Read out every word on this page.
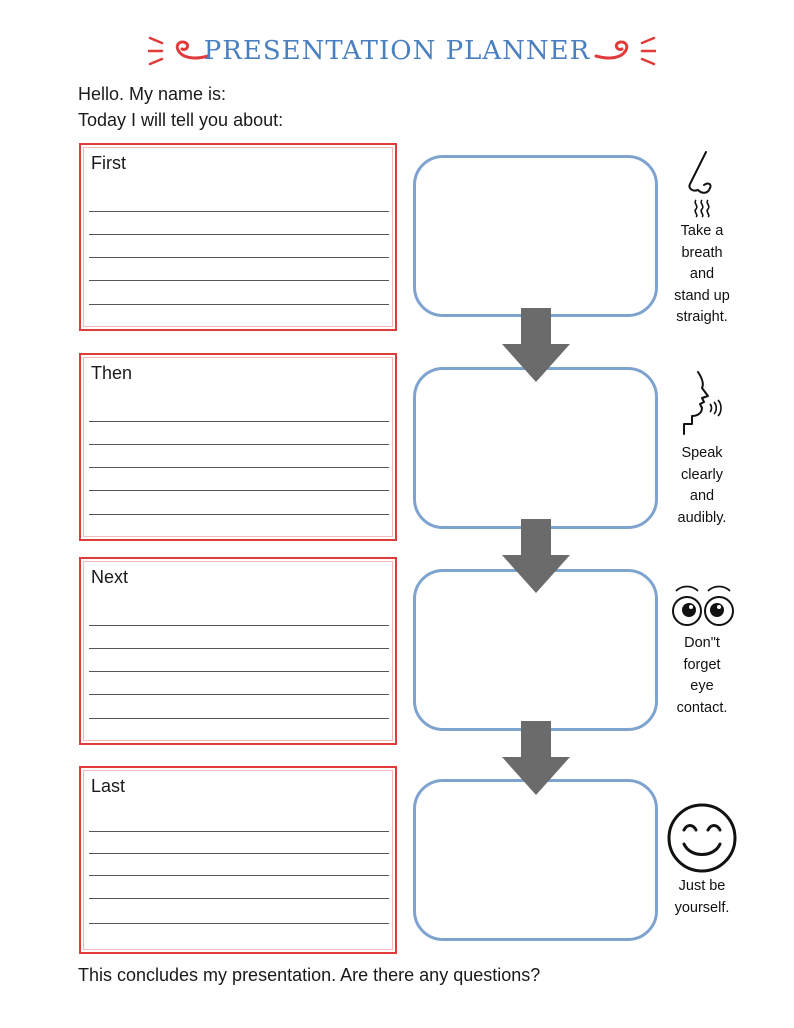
PRESENTATION PLANNER
Hello. My name is:
Today I will tell you about:
First
Then
Next
Last
Take a
breath
and
stand up
straight.
Speak
clearly
and
audibly.
Don"t
forget
eye
contact.
Just be
yourself.
This concludes my presentation. Are there any questions?
